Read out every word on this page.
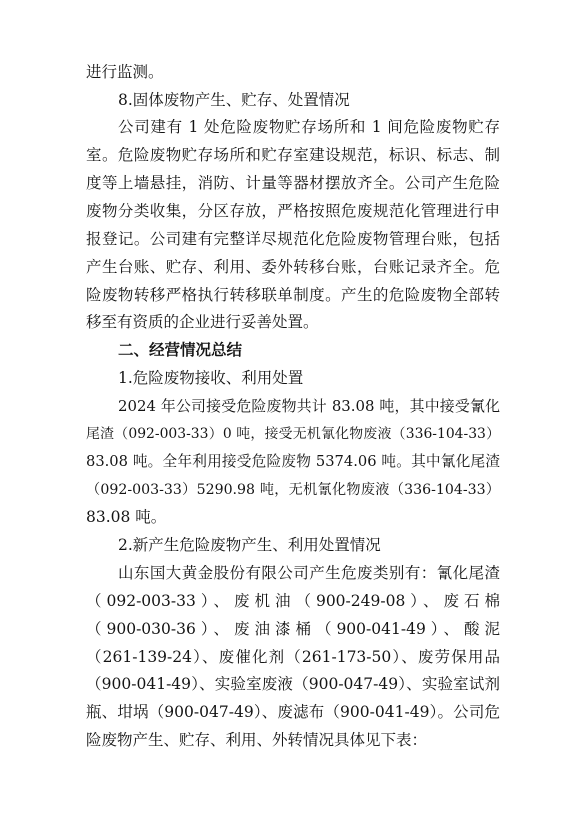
进行监测。
8.固体废物产生、贮存、处置情况
公司建有 1 处危险废物贮存场所和 1 间危险废物贮存
室。危险废物贮存场所和贮存室建设规范，标识、标志、制
度等上墙悬挂，消防、计量等器材摆放齐全。公司产生危险
废物分类收集，分区存放，严格按照危废规范化管理进行申
报登记。公司建有完整详尽规范化危险废物管理台账，包括
产生台账、贮存、利用、委外转移台账，台账记录齐全。危
险废物转移严格执行转移联单制度。产生的危险废物全部转
移至有资质的企业进行妥善处置。
二、经营情况总结
1.危险废物接收、利用处置
2024 年公司接受危险废物共计 83.08 吨，其中接受氰化
尾渣（092-003-33）0 吨，接受无机氰化物废液（336-104-33）
83.08 吨。全年利用接受危险废物 5374.06 吨。其中氰化尾渣
（092-003-33）5290.98 吨，无机氰化物废液（336-104-33）
83.08 吨。
2.新产生危险废物产生、利用处置情况
山东国大黄金股份有限公司产生危废类别有：氰化尾渣
（092-003-33）、废机油（900-249-08）、废石棉
（900-030-36）、废油漆桶（900-041-49）、酸泥
（261-139-24）、废催化剂（261-173-50）、废劳保用品
（900-041-49）、实验室废液（900-047-49）、实验室试剂
瓶、坩埚（900-047-49）、废滤布（900-041-49）。公司危
险废物产生、贮存、利用、外转情况具体见下表：
